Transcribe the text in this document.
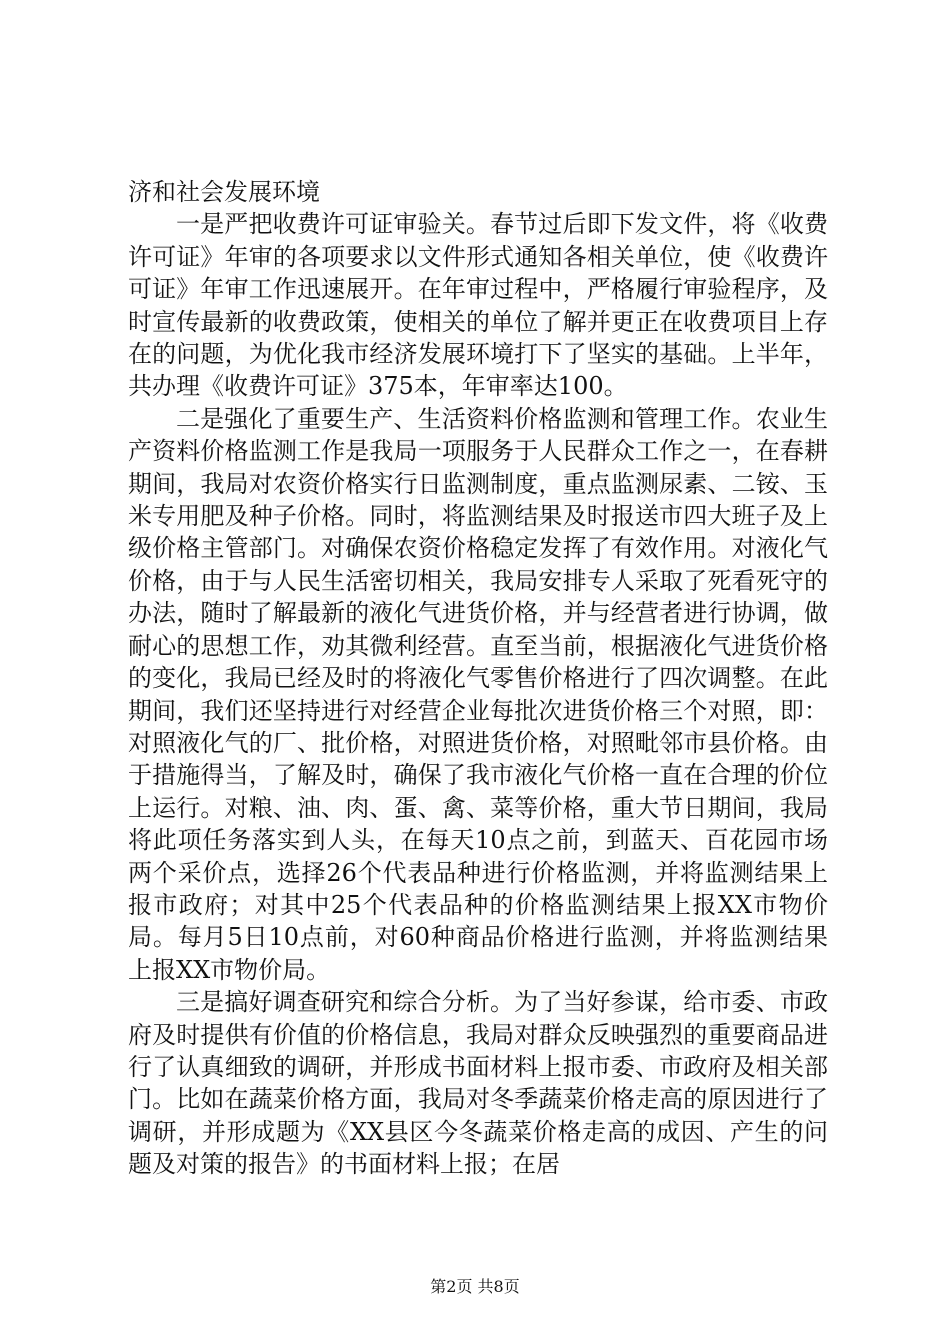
济和社会发展环境

一是严把收费许可证审验关。春节过后即下发文件，将《收费许可证》年审的各项要求以文件形式通知各相关单位，使《收费许可证》年审工作迅速展开。在年审过程中，严格履行审验程序，及时宣传最新的收费政策，使相关的单位了解并更正在收费项目上存在的问题，为优化我市经济发展环境打下了坚实的基础。上半年，共办理《收费许可证》375本，年审率达100。

二是强化了重要生产、生活资料价格监测和管理工作。农业生产资料价格监测工作是我局一项服务于人民群众工作之一，在春耕期间，我局对农资价格实行日监测制度，重点监测尿素、二铵、玉米专用肥及种子价格。同时，将监测结果及时报送市四大班子及上级价格主管部门。对确保农资价格稳定发挥了有效作用。对液化气价格，由于与人民生活密切相关，我局安排专人采取了死看死守的办法，随时了解最新的液化气进货价格，并与经营者进行协调，做耐心的思想工作，劝其微利经营。直至当前，根据液化气进货价格的变化，我局已经及时的将液化气零售价格进行了四次调整。在此期间，我们还坚持进行对经营企业每批次进货价格三个对照，即：对照液化气的厂、批价格，对照进货价格，对照毗邻市县价格。由于措施得当，了解及时，确保了我市液化气价格一直在合理的价位上运行。对粮、油、肉、蛋、禽、菜等价格，重大节日期间，我局将此项任务落实到人头，在每天10点之前，到蓝天、百花园市场两个采价点，选择26个代表品种进行价格监测，并将监测结果上报市政府；对其中25个代表品种的价格监测结果上报XX市物价局。每月5日10点前，对60种商品价格进行监测，并将监测结果上报XX市物价局。

三是搞好调查研究和综合分析。为了当好参谋，给市委、市政府及时提供有价值的价格信息，我局对群众反映强烈的重要商品进行了认真细致的调研，并形成书面材料上报市委、市政府及相关部门。比如在蔬菜价格方面，我局对冬季蔬菜价格走高的原因进行了调研，并形成题为《XX县区今冬蔬菜价格走高的成因、产生的问题及对策的报告》的书面材料上报；在居

第2页 共8页
